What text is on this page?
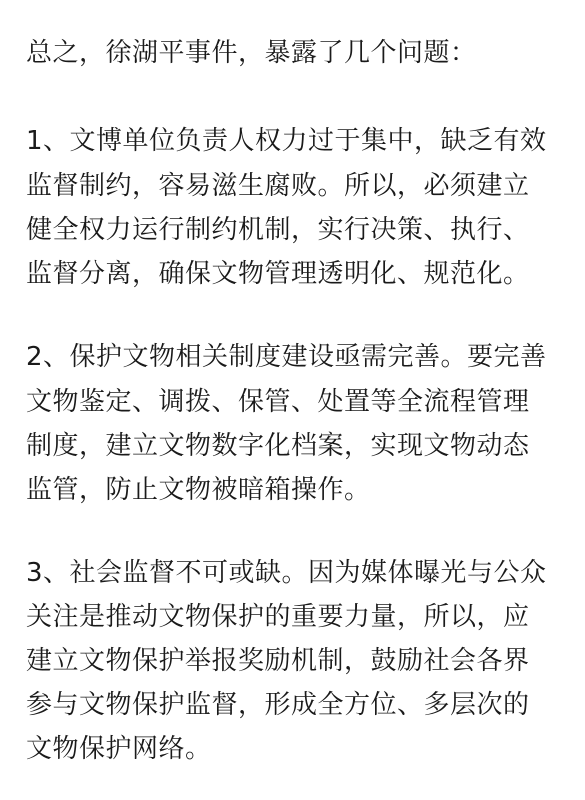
总之，徐湖平事件，暴露了几个问题：
1、文博单位负责人权力过于集中，缺乏有效
监督制约，容易滋生腐败。所以，必须建立
健全权力运行制约机制，实行决策、执行、
监督分离，确保文物管理透明化、规范化。
2、保护文物相关制度建设亟需完善。要完善
文物鉴定、调拨、保管、处置等全流程管理
制度，建立文物数字化档案，实现文物动态
监管，防止文物被暗箱操作。
3、社会监督不可或缺。因为媒体曝光与公众
关注是推动文物保护的重要力量，所以，应
建立文物保护举报奖励机制，鼓励社会各界
参与文物保护监督，形成全方位、多层次的
文物保护网络。
